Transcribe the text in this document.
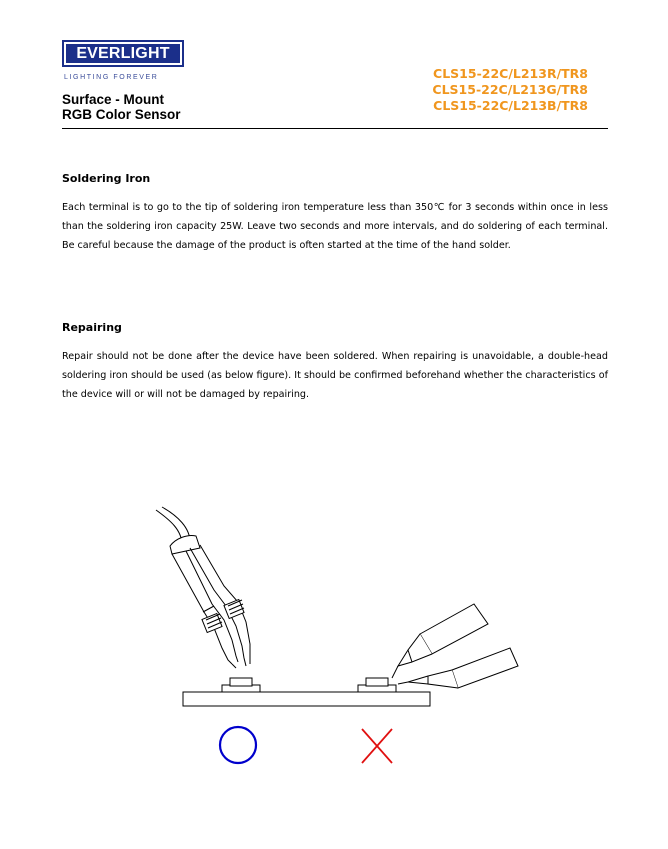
EVERLIGHT
LIGHTING FOREVER
Surface - Mount
RGB Color Sensor
CLS15-22C/L213R/TR8
CLS15-22C/L213G/TR8
CLS15-22C/L213B/TR8
Soldering Iron
Each terminal is to go to the tip of soldering iron temperature less than 350℃ for 3 seconds within once in less than the soldering iron capacity 25W. Leave two seconds and more intervals, and do soldering of each terminal. Be careful because the damage of the product is often started at the time of the hand solder.
Repairing
Repair should not be done after the device have been soldered. When repairing is unavoidable, a double-head soldering iron should be used (as below figure). It should be confirmed beforehand whether the characteristics of the device will or will not be damaged by repairing.
